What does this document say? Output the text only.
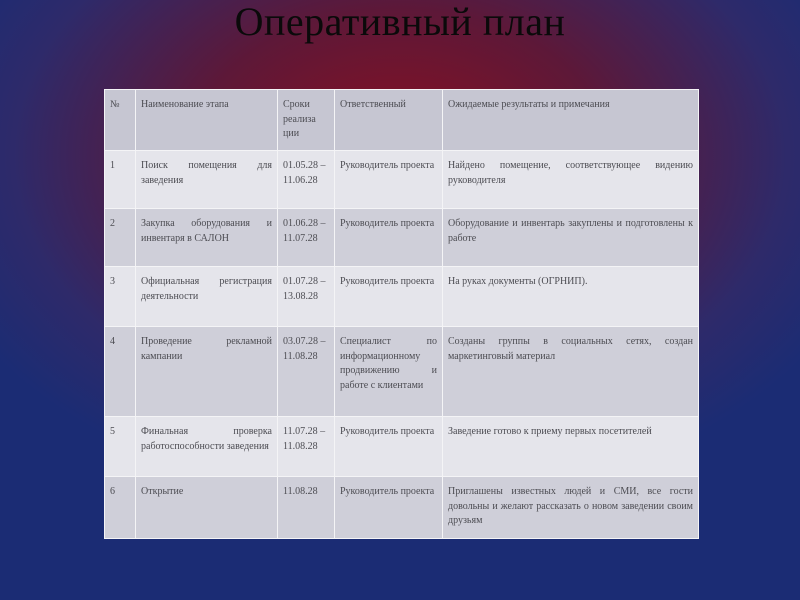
Оперативный план
№	Наименование этапа	Сроки реализа ции	Ответственный	Ожидаемые результаты и примечания
1	Поиск помещения для заведения	01.05.28 – 11.06.28	Руководитель проекта	Найдено помещение, соответствующее видению руководителя
2	Закупка оборудования и инвентаря в САЛОН	01.06.28 – 11.07.28	Руководитель проекта	Оборудование и инвентарь закуплены и подготовлены к работе
3	Официальная регистрация деятельности	01.07.28 – 13.08.28	Руководитель проекта	На руках документы (ОГРНИП).
4	Проведение рекламной кампании	03.07.28 – 11.08.28	Специалист по информационному продвижению и работе с клиентами	Созданы группы в социальных сетях, создан маркетинговый материал
5	Финальная проверка работоспособности заведения	11.07.28 – 11.08.28	Руководитель проекта	Заведение готово к приему первых посетителей
6	Открытие	11.08.28	Руководитель проекта	Приглашены известных людей и СМИ, все гости довольны и желают рассказать о новом заведении своим друзьям
